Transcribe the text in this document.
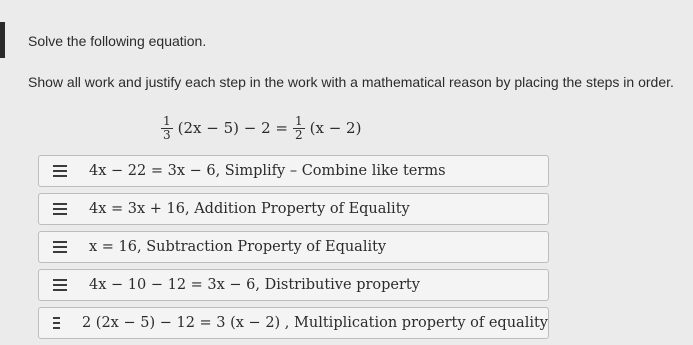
Solve the following equation.
Show all work and justify each step in the work with a mathematical reason by placing the steps in order.
$\frac{1}{3} (2x - 5) - 2 = \frac{1}{2} (x - 2)$
4x − 22 = 3x − 6, Simplify – Combine like terms
4x = 3x + 16, Addition Property of Equality
x = 16, Subtraction Property of Equality
4x − 10 − 12 = 3x − 6, Distributive property
2 (2x − 5) − 12 = 3 (x − 2) , Multiplication property of equality
